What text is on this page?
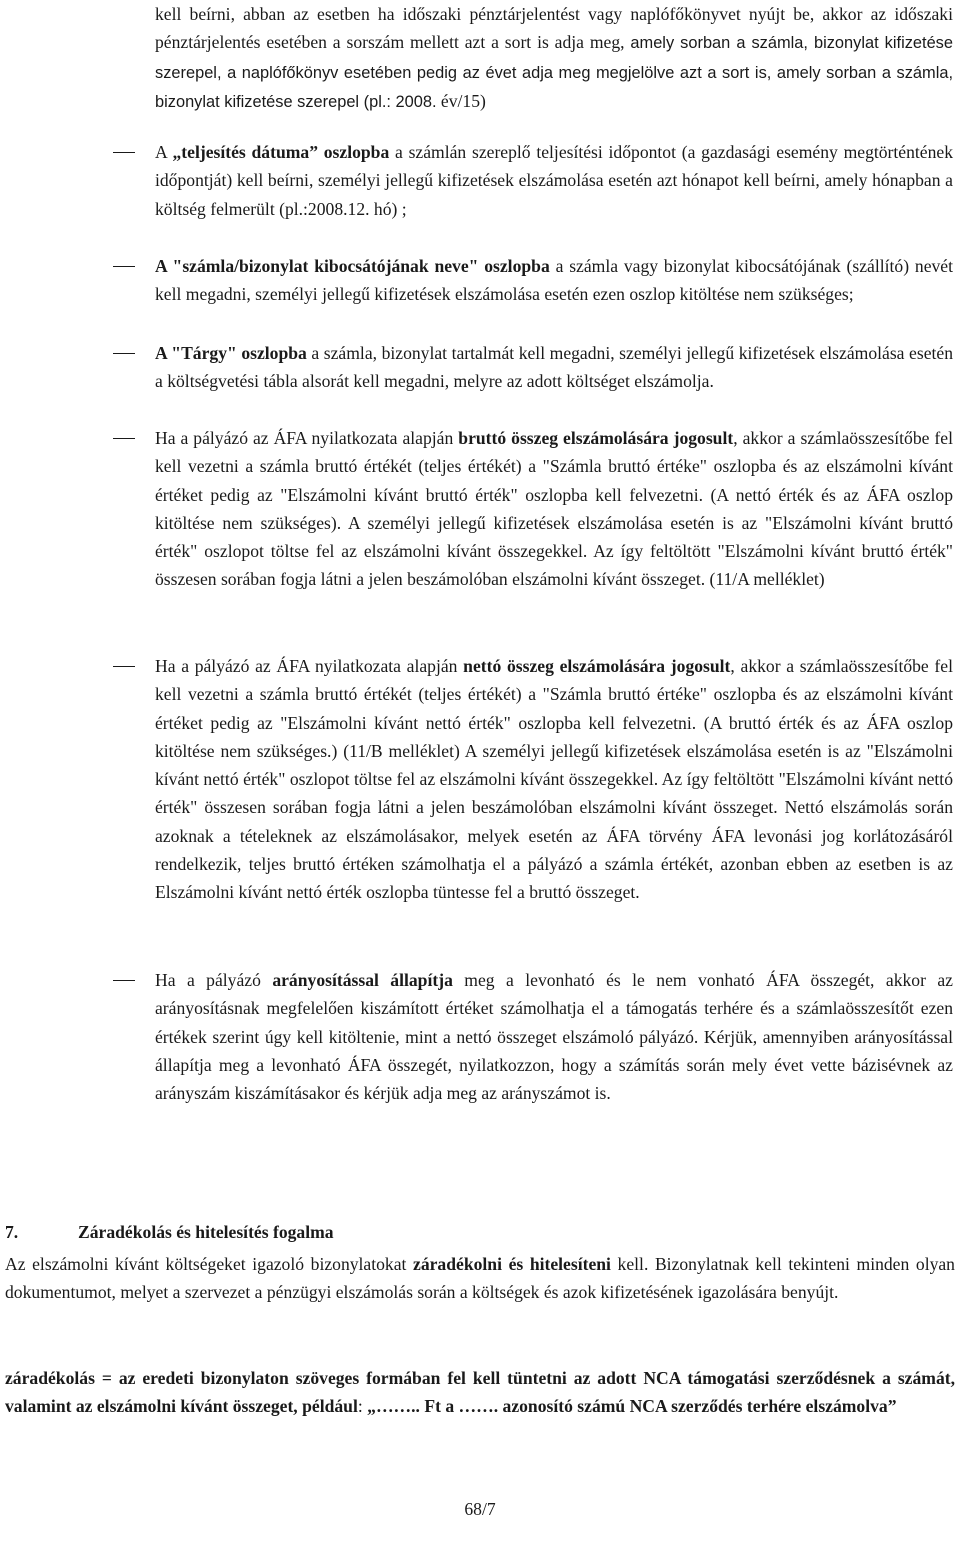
kell beírni, abban az esetben ha időszaki pénztárjelentést vagy naplófőkönyvet nyújt be, akkor az időszaki pénztárjelentés esetében a sorszám mellett azt a sort is adja meg, amely sorban a számla, bizonylat kifizetése szerepel, a naplófőkönyv esetében pedig az évet adja meg megjelölve azt a sort is, amely sorban a számla, bizonylat kifizetése szerepel (pl.: 2008. év/15)
A „teljesítés dátuma” oszlopba a számlán szereplő teljesítési időpontot (a gazdasági esemény megtörténtének időpontját) kell beírni, személyi jellegű kifizetések elszámolása esetén azt hónapot kell beírni, amely hónapban a költség felmerült (pl.:2008.12. hó) ;
A "számla/bizonylat kibocsátójának neve" oszlopba a számla vagy bizonylat kibocsátójának (szállító) nevét kell megadni, személyi jellegű kifizetések elszámolása esetén ezen oszlop kitöltése nem szükséges;
A "Tárgy" oszlopba a számla, bizonylat tartalmát kell megadni, személyi jellegű kifizetések elszámolása esetén a költségvetési tábla alsorát kell megadni, melyre az adott költséget elszámolja.
Ha a pályázó az ÁFA nyilatkozata alapján bruttó összeg elszámolására jogosult, akkor a számlaösszesítőbe fel kell vezetni a számla bruttó értékét (teljes értékét) a "Számla bruttó értéke" oszlopba és az elszámolni kívánt értéket pedig az "Elszámolni kívánt bruttó érték" oszlopba kell felvezetni. (A nettó érték és az ÁFA oszlop kitöltése nem szükséges). A személyi jellegű kifizetések elszámolása esetén is az "Elszámolni kívánt bruttó érték" oszlopot töltse fel az elszámolni kívánt összegekkel. Az így feltöltött "Elszámolni kívánt bruttó érték" összesen sorában fogja látni a jelen beszámolóban elszámolni kívánt összeget. (11/A melléklet)
Ha a pályázó az ÁFA nyilatkozata alapján nettó összeg elszámolására jogosult, akkor a számlaösszesítőbe fel kell vezetni a számla bruttó értékét (teljes értékét) a "Számla bruttó értéke" oszlopba és az elszámolni kívánt értéket pedig az "Elszámolni kívánt nettó érték" oszlopba kell felvezetni. (A bruttó érték és az ÁFA oszlop kitöltése nem szükséges.) (11/B melléklet) A személyi jellegű kifizetések elszámolása esetén is az "Elszámolni kívánt nettó érték" oszlopot töltse fel az elszámolni kívánt összegekkel. Az így feltöltött "Elszámolni kívánt nettó érték" összesen sorában fogja látni a jelen beszámolóban elszámolni kívánt összeget. Nettó elszámolás során azoknak a tételeknek az elszámolásakor, melyek esetén az ÁFA törvény ÁFA levonási jog korlátozásáról rendelkezik, teljes bruttó értéken számolhatja el a pályázó a számla értékét, azonban ebben az esetben is az Elszámolni kívánt nettó érték oszlopba tüntesse fel a bruttó összeget.
Ha a pályázó arányosítással állapítja meg a levonható és le nem vonható ÁFA összegét, akkor az arányosításnak megfelelően kiszámított értéket számolhatja el a támogatás terhére és a számlaösszesítőt ezen értékek szerint úgy kell kitöltenie, mint a nettó összeget elszámoló pályázó. Kérjük, amennyiben arányosítással állapítja meg a levonható ÁFA összegét, nyilatkozzon, hogy a számítás során mely évet vette bázisévnek az arányszám kiszámításakor és kérjük adja meg az arányszámot is.
7.	Záradékolás és hitelesítés fogalma
Az elszámolni kívánt költségeket igazoló bizonylatokat záradékolni és hitelesíteni kell. Bizonylatnak kell tekinteni minden olyan dokumentumot, melyet a szervezet a pénzügyi elszámolás során a költségek és azok kifizetésének igazolására benyújt.
záradékolás = az eredeti bizonylaton szöveges formában fel kell tüntetni az adott NCA támogatási szerződésnek a számát, valamint az elszámolni kívánt összeget, például: „…….. Ft a ……. azonosító számú NCA szerződés terhére elszámolva”
68/7
